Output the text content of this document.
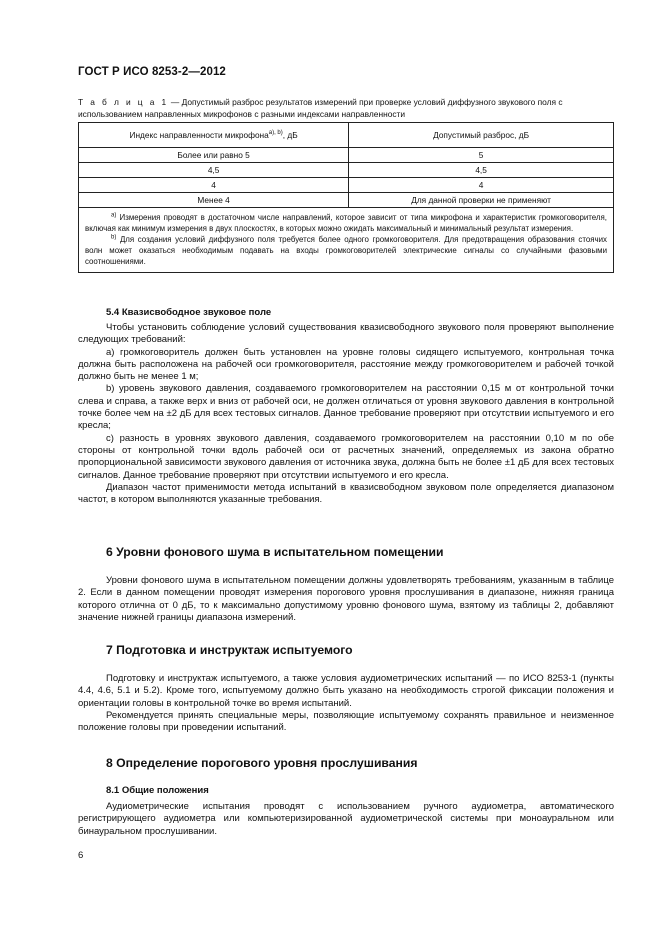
ГОСТ Р ИСО 8253-2—2012
Т а б л и ц а 1 — Допустимый разброс результатов измерений при проверке условий диффузного звукового поля с использованием направленных микрофонов с разными индексами направленности
Индекс направленности микрофона$^{a), b)}$, дБ	Допустимый разброс, дБ
Более или равно 5	5
4,5	4,5
4	4
Менее 4	Для данной проверки не применяют

$^{a)}$ Измерения проводят в достаточном числе направлений, которое зависит от типа микрофона и характеристик громкоговорителя, включая как минимум измерения в двух плоскостях, в которых можно ожидать максимальный и минимальный результат измерения.

$^{b)}$ Для создания условий диффузного поля требуется более одного громкоговорителя. Для предотвращения образования стоячих волн может оказаться необходимым подавать на входы громкоговорителей электрические сигналы со случайными фазовыми соотношениями.	

5.4 Квазисвободное звуковое поле

Чтобы установить соблюдение условий существования квазисвободного звукового поля проверяют выполнение следующих требований:

a) громкоговоритель должен быть установлен на уровне головы сидящего испытуемого, контрольная точка должна быть расположена на рабочей оси громкоговорителя, расстояние между громкоговорителем и рабочей точкой должно быть не менее 1 м;

b) уровень звукового давления, создаваемого громкоговорителем на расстоянии 0,15 м от контрольной точки слева и справа, а также верх и вниз от рабочей оси, не должен отличаться от уровня звукового давления в контрольной точке более чем на ±2 дБ для всех тестовых сигналов. Данное требование проверяют при отсутствии испытуемого и его кресла;

c) разность в уровнях звукового давления, создаваемого громкоговорителем на расстоянии 0,10 м по обе стороны от контрольной точки вдоль рабочей оси от расчетных значений, определяемых из закона обратно пропорциональной зависимости звукового давления от источника звука, должна быть не более ±1 дБ для всех тестовых сигналов. Данное требование проверяют при отсутствии испытуемого и его кресла.

Диапазон частот применимости метода испытаний в квазисвободном звуковом поле определяется диапазоном частот, в котором выполняются указанные требования.

6 Уровни фонового шума в испытательном помещении

Уровни фонового шума в испытательном помещении должны удовлетворять требованиям, указанным в таблице 2. Если в данном помещении проводят измерения порогового уровня прослушивания в диапазоне, нижняя граница которого отлична от 0 дБ, то к максимально допустимому уровню фонового шума, взятому из таблицы 2, добавляют значение нижней границы диапазона измерений.

7 Подготовка и инструктаж испытуемого

Подготовку и инструктаж испытуемого, а также условия аудиометрических испытаний — по ИСО 8253-1 (пункты 4.4, 4.6, 5.1 и 5.2). Кроме того, испытуемому должно быть указано на необходимость строгой фиксации положения и ориентации головы в контрольной точке во время испытаний.

Рекомендуется принять специальные меры, позволяющие испытуемому сохранять правильное и неизменное положение головы при проведении испытаний.

8 Определение порогового уровня прослушивания
8.1 Общие положения

Аудиометрические испытания проводят с использованием ручного аудиометра, автоматического регистрирующего аудиометра или компьютеризированной аудиометрической системы при моноауральном или бинауральном прослушивании.

6
